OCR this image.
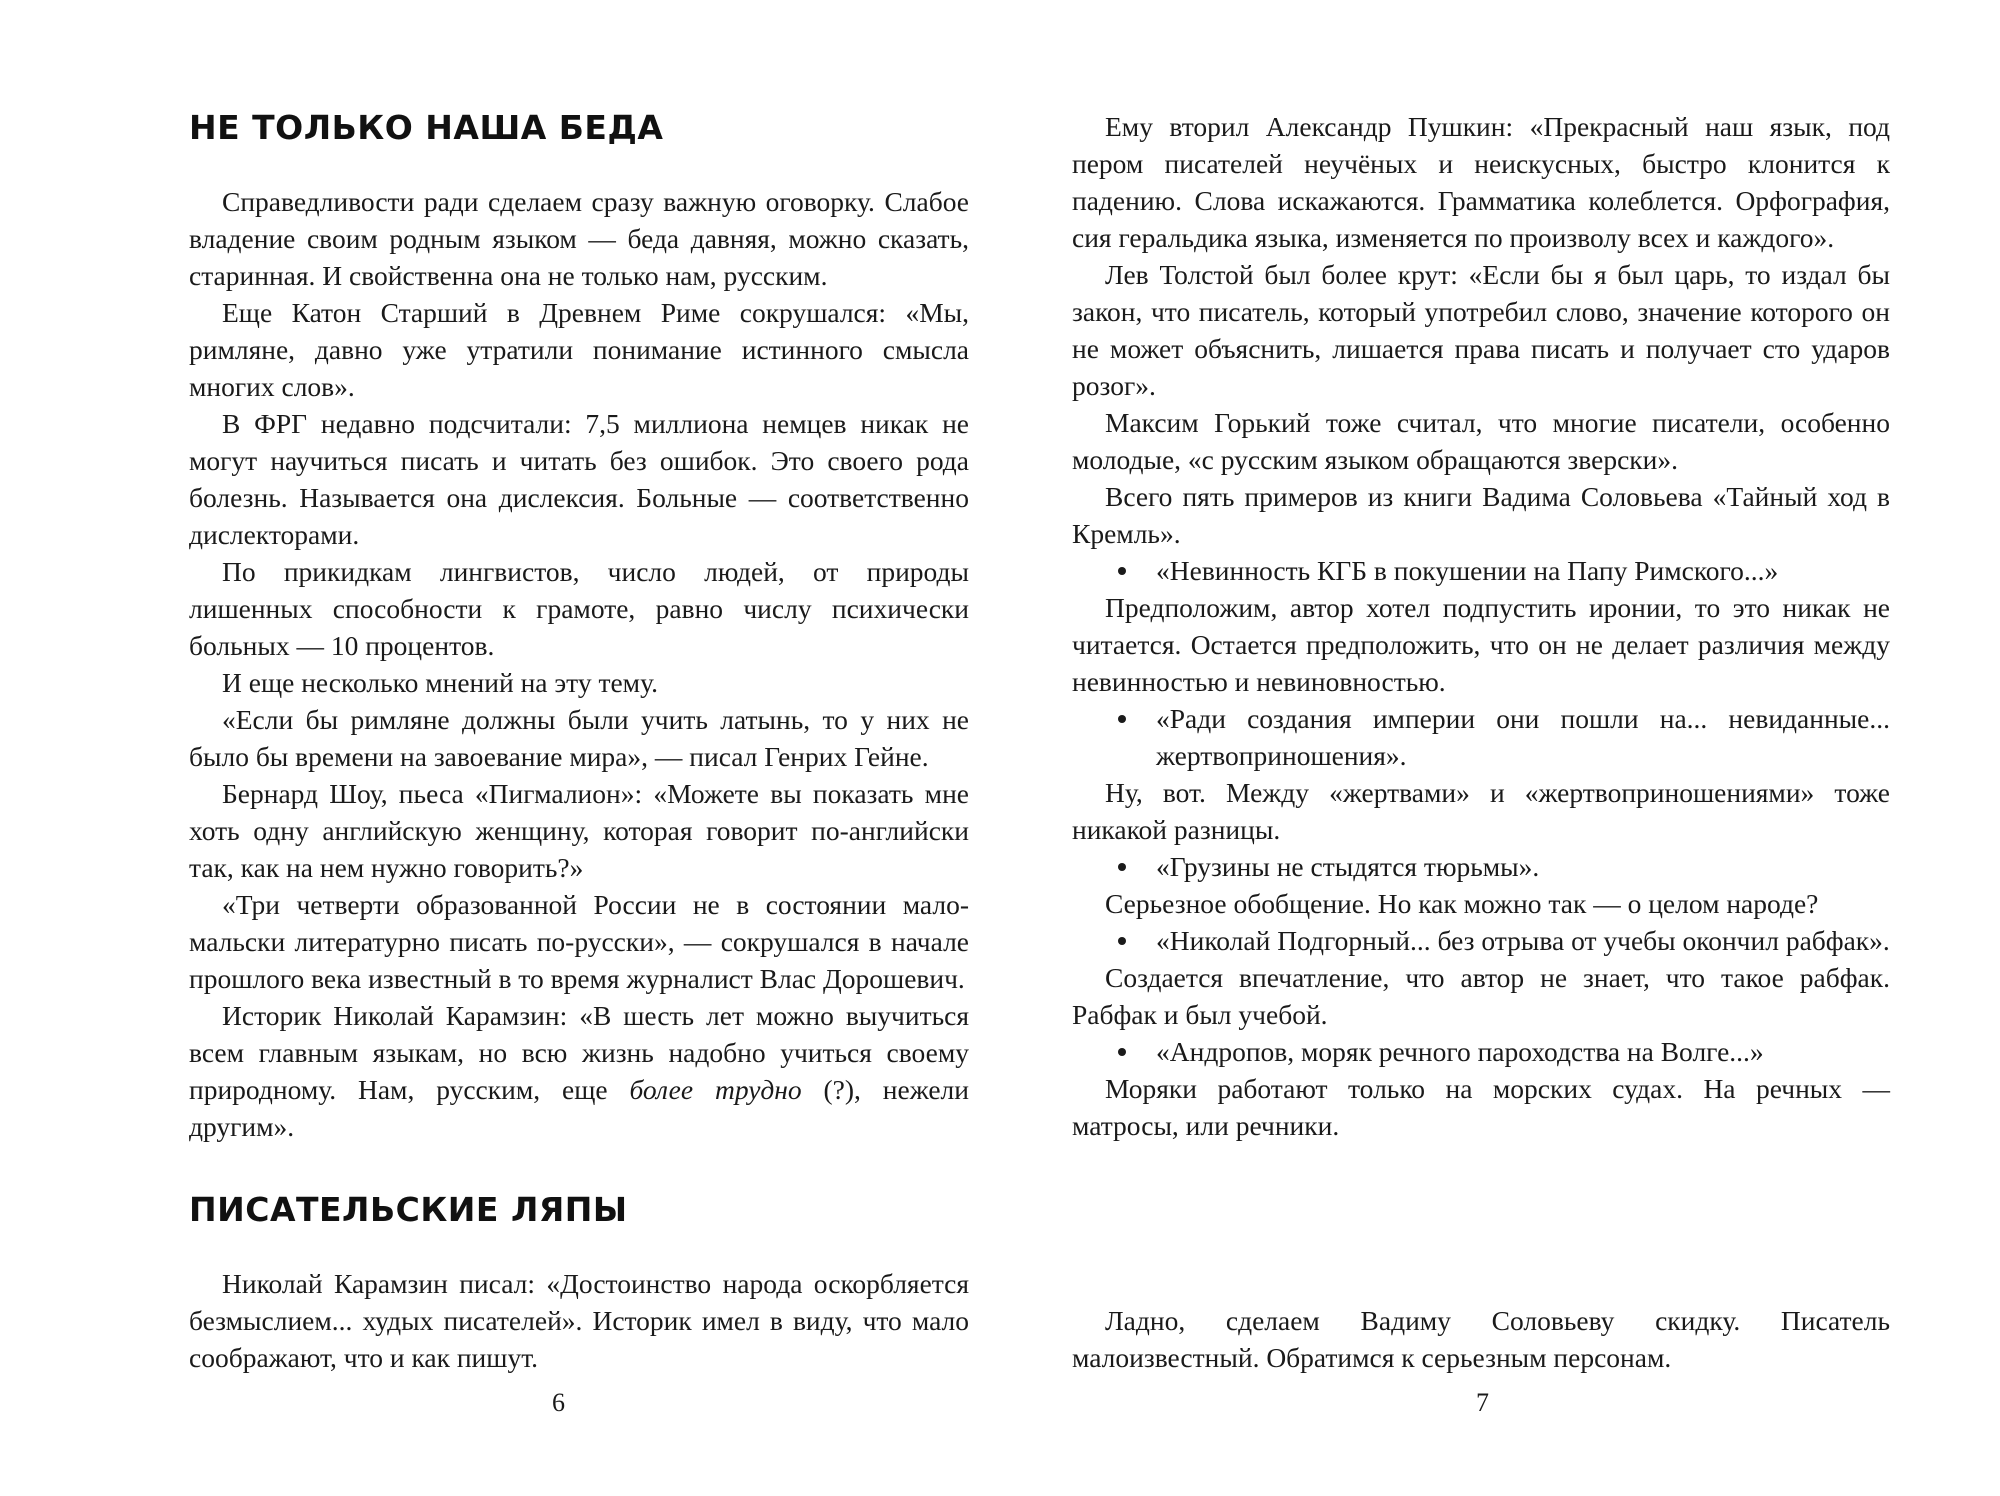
НЕ ТОЛЬКО НАША БЕДА

Справедливости ради сделаем сразу важную оговорку. Слабое владение своим родным языком — беда давняя, можно сказать, старинная. И свойственна она не только нам, русским.

Еще Катон Старший в Древнем Риме сокрушался: «Мы, римляне, давно уже утратили понимание истинного смысла многих слов».

В ФРГ недавно подсчитали: 7,5 миллиона немцев никак не могут научиться писать и читать без ошибок. Это своего рода болезнь. Называется она дислексия. Больные — соответственно дислекторами.

По прикидкам лингвистов, число людей, от природы лишенных способности к грамоте, равно числу психически больных — 10 процентов.

И еще несколько мнений на эту тему.

«Если бы римляне должны были учить латынь, то у них не было бы времени на завоевание мира», — писал Генрих Гейне.

Бернард Шоу, пьеса «Пигмалион»: «Можете вы показать мне хоть одну английскую женщину, которая говорит по-английски так, как на нем нужно говорить?»

«Три четверти образованной России не в состоянии мало-мальски литературно писать по-русски», — сокрушался в начале прошлого века известный в то время журналист Влас Дорошевич.

Историк Николай Карамзин: «В шесть лет можно выучиться всем главным языкам, но всю жизнь надобно учиться своему природному. Нам, русским, еще более трудно (?), нежели другим».

ПИСАТЕЛЬСКИЕ ЛЯПЫ

Николай Карамзин писал: «Достоинство народа оскорбляется безмыслием... худых писателей». Историк имел в виду, что мало соображают, что и как пишут.

6

Ему вторил Александр Пушкин: «Прекрасный наш язык, под пером писателей неучёных и неискусных, быстро клонится к падению. Слова искажаются. Грамматика колеблется. Орфография, сия геральдика языка, изменяется по произволу всех и каждого».

Лев Толстой был более крут: «Если бы я был царь, то издал бы закон, что писатель, который употребил слово, значение которого он не может объяснить, лишается права писать и получает сто ударов розог».

Максим Горький тоже считал, что многие писатели, особенно молодые, «с русским языком обращаются зверски».

Всего пять примеров из книги Вадима Соловьева «Тайный ход в Кремль».

«Невинность КГБ в покушении на Папу Римского...»

Предположим, автор хотел подпустить иронии, то это никак не читается. Остается предположить, что он не делает различия между невинностью и невиновностью.

«Ради создания империи они пошли на... невиданные... жертвоприношения».

Ну, вот. Между «жертвами» и «жертвоприношениями» тоже никакой разницы.

«Грузины не стыдятся тюрьмы».

Серьезное обобщение. Но как можно так — о целом народе?

«Николай Подгорный... без отрыва от учебы окончил рабфак».

Создается впечатление, что автор не знает, что такое рабфак. Рабфак и был учебой.

«Андропов, моряк речного пароходства на Волге...»

Моряки работают только на морских судах. На речных — матросы, или речники.

Ладно, сделаем Вадиму Соловьеву скидку. Писатель малоизвестный. Обратимся к серьезным персонам.

7
